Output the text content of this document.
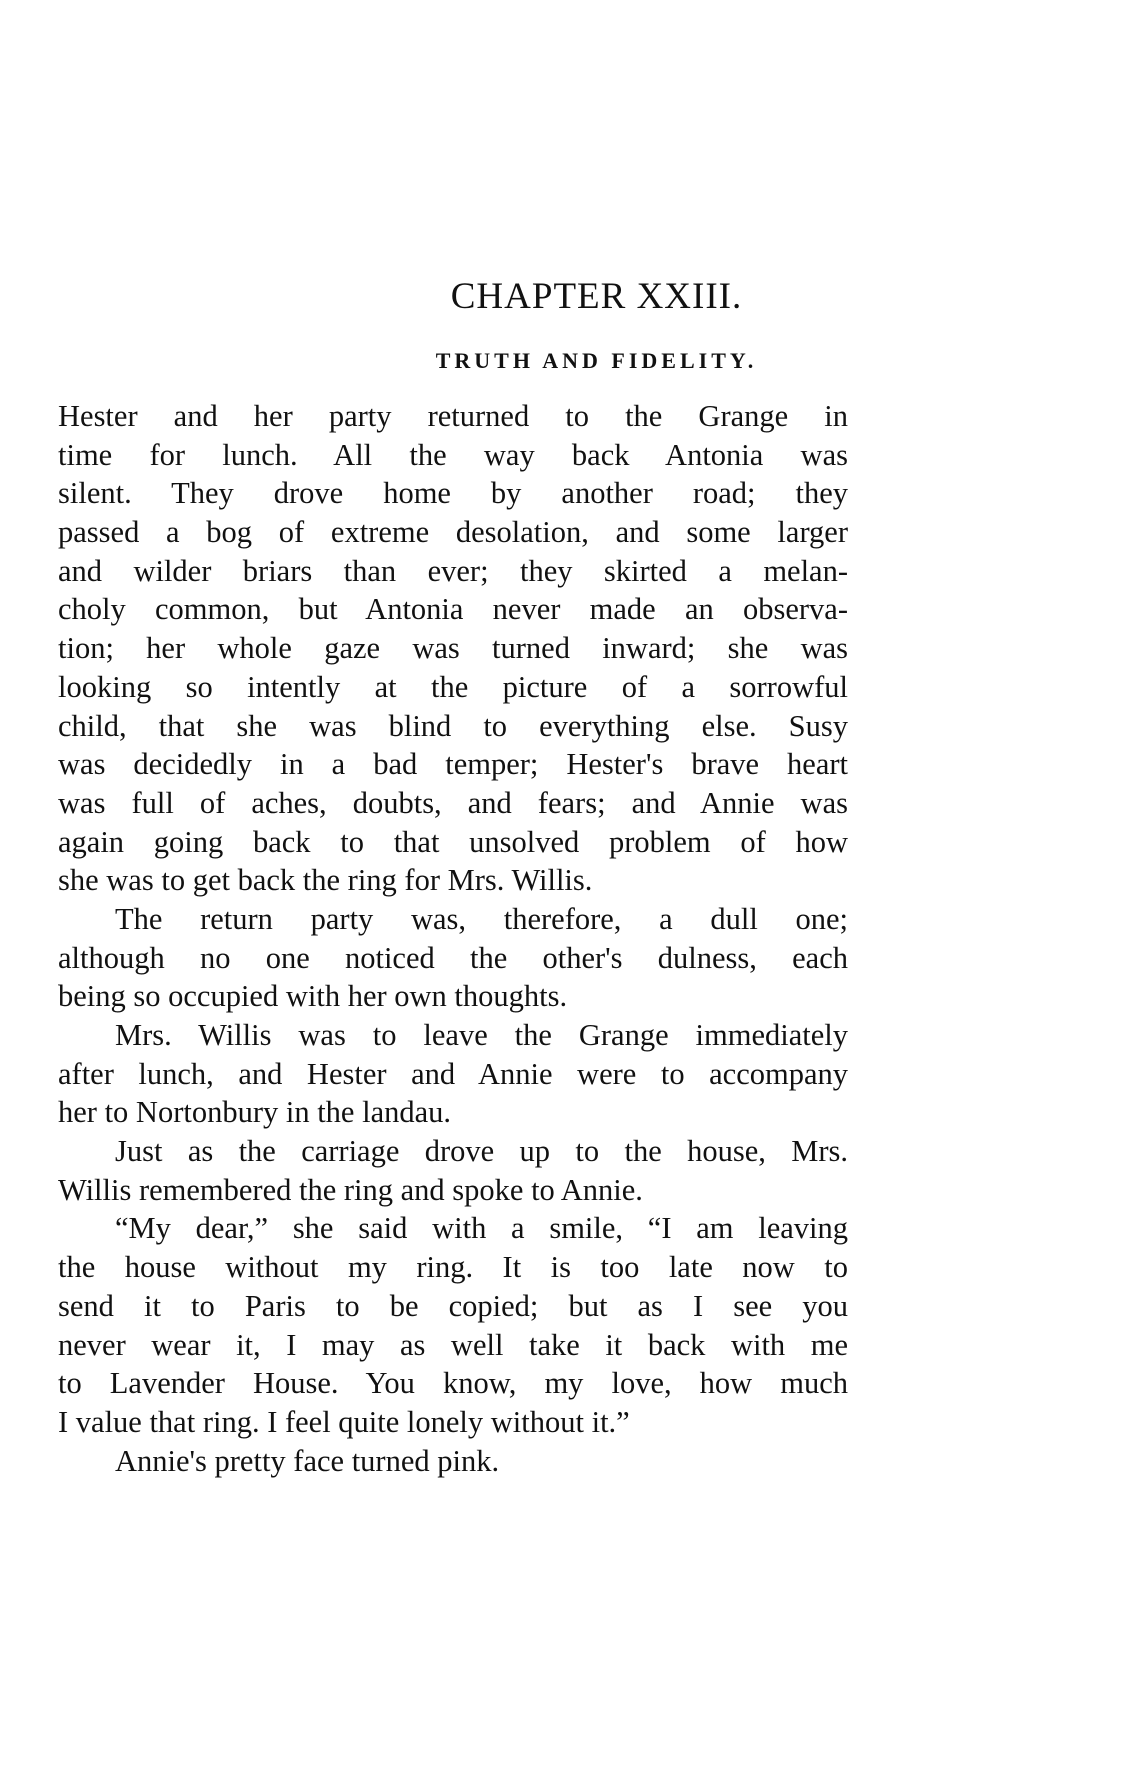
CHAPTER XXIII.
TRUTH AND FIDELITY.
Hester and her party returned to the Grange in
time for lunch. All the way back Antonia was
silent. They drove home by another road; they
passed a bog of extreme desolation, and some larger
and wilder briars than ever; they skirted a melan-
choly common, but Antonia never made an observa-
tion; her whole gaze was turned inward; she was
looking so intently at the picture of a sorrowful
child, that she was blind to everything else. Susy
was decidedly in a bad temper; Hester's brave heart
was full of aches, doubts, and fears; and Annie was
again going back to that unsolved problem of how
she was to get back the ring for Mrs. Willis.
The return party was, therefore, a dull one;
although no one noticed the other's dulness, each
being so occupied with her own thoughts.
Mrs. Willis was to leave the Grange immediately
after lunch, and Hester and Annie were to accompany
her to Nortonbury in the landau.
Just as the carriage drove up to the house, Mrs.
Willis remembered the ring and spoke to Annie.
“My dear,” she said with a smile, “I am leaving
the house without my ring. It is too late now to
send it to Paris to be copied; but as I see you
never wear it, I may as well take it back with me
to Lavender House. You know, my love, how much
I value that ring. I feel quite lonely without it.”
Annie's pretty face turned pink.
